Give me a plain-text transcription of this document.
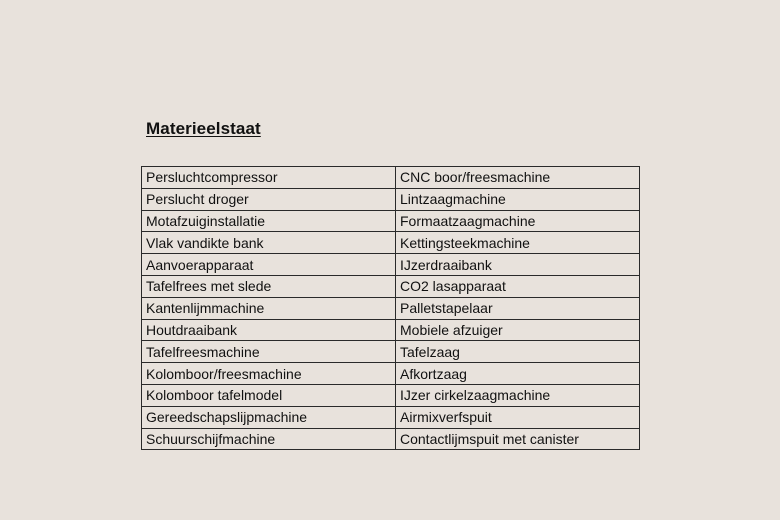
Materieelstaat
Persluchtcompressor	CNC boor/freesmachine
Perslucht droger	Lintzaagmachine
Motafzuiginstallatie	Formaatzaagmachine
Vlak vandikte bank	Kettingsteekmachine
Aanvoerapparaat	IJzerdraaibank
Tafelfrees met slede	CO2 lasapparaat
Kantenlijmmachine	Palletstapelaar
Houtdraaibank	Mobiele afzuiger
Tafelfreesmachine	Tafelzaag
Kolomboor/freesmachine	Afkortzaag
Kolomboor tafelmodel	IJzer cirkelzaagmachine
Gereedschapslijpmachine	Airmixverfspuit
Schuurschijfmachine	Contactlijmspuit met canister
